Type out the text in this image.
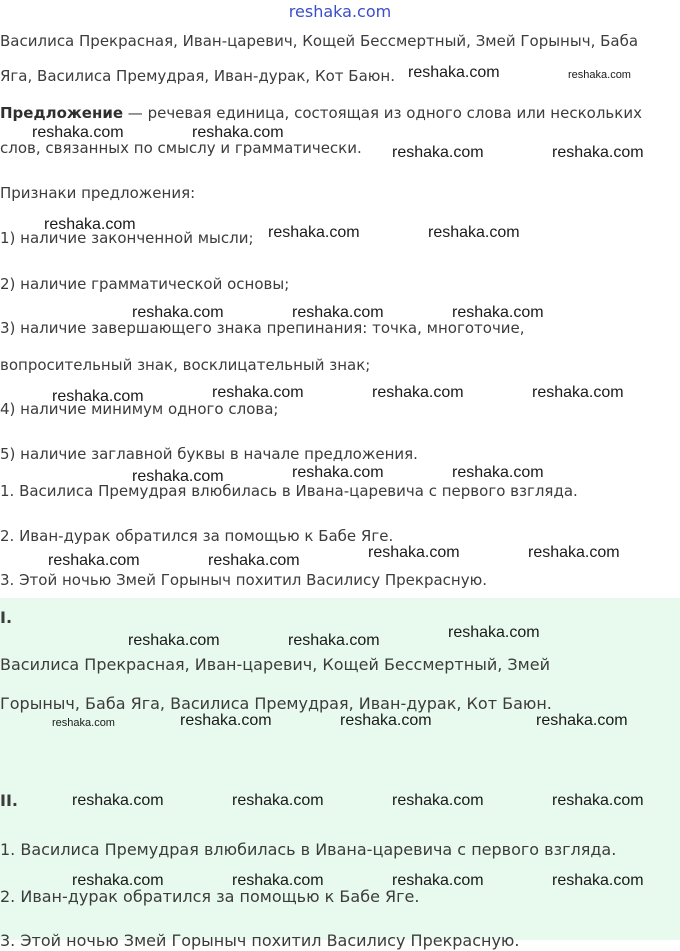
reshaka.com
Василиса Прекрасная, Иван-царевич, Кощей Бессмертный, Змей Горыныч, Баба
Яга, Василиса Премудрая, Иван-дурак, Кот Баюн.
Предложение — речевая единица, состоящая из одного слова или нескольких
слов, связанных по смыслу и грамматически.
Признаки предложения:
1) наличие законченной мысли;
2) наличие грамматической основы;
3) наличие завершающего знака препинания: точка, многоточие,
вопросительный знак, восклицательный знак;
4) наличие минимум одного слова;
5) наличие заглавной буквы в начале предложения.
1. Василиса Премудрая влюбилась в Ивана-царевича с первого взгляда.
2. Иван-дурак обратился за помощью к Бабе Яге.
3. Этой ночью Змей Горыныч похитил Василису Прекрасную.
I.
Василиса Прекрасная, Иван-царевич, Кощей Бессмертный, Змей
Горыныч, Баба Яга, Василиса Премудрая, Иван-дурак, Кот Баюн.
II.
1. Василиса Премудрая влюбилась в Ивана-царевича с первого взгляда.
2. Иван-дурак обратился за помощью к Бабе Яге.
3. Этой ночью Змей Горыныч похитил Василису Прекрасную.
reshaka.com	reshaka.com
reshaka.com	reshaka.com
reshaka.com	reshaka.com
reshaka.com	reshaka.com	reshaka.com
reshaka.com	reshaka.com	reshaka.com
reshaka.com	reshaka.com	reshaka.com	reshaka.com
reshaka.com	reshaka.com	reshaka.com
reshaka.com	reshaka.com	reshaka.com	reshaka.com
reshaka.com	reshaka.com	reshaka.com
reshaka.com	reshaka.com	reshaka.com	reshaka.com
reshaka.com	reshaka.com	reshaka.com	reshaka.com
reshaka.com	reshaka.com	reshaka.com	reshaka.com
